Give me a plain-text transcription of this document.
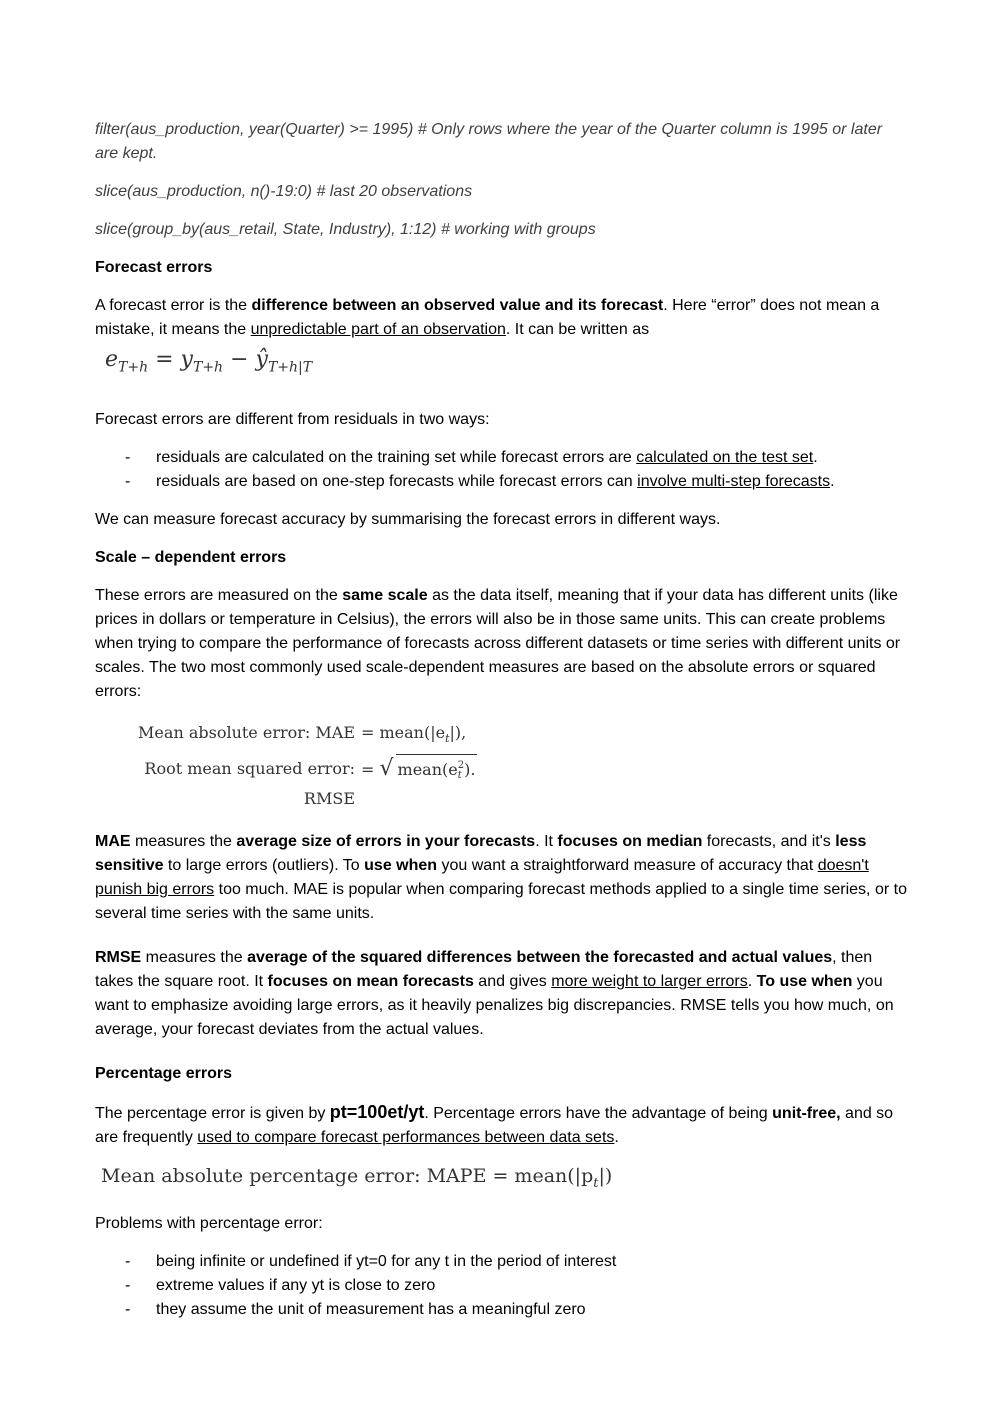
filter(aus_production, year(Quarter) >= 1995) # Only rows where the year of the Quarter column is 1995 or later are kept.

slice(aus_production, n()-19:0) # last 20 observations

slice(group_by(aus_retail, State, Industry), 1:12) # working with groups

Forecast errors

A forecast error is the difference between an observed value and its forecast. Here “error” does not mean a mistake, it means the unpredictable part of an observation. It can be written as

$e_{T+h} = y_{T+h}$ − $ŷ_{T+h|T}$

Forecast errors are different from residuals in two ways:

- residuals are calculated on the training set while forecast errors are calculated on the test set.
- residuals are based on one-step forecasts while forecast errors can involve multi-step forecasts.

We can measure forecast accuracy by summarising the forecast errors in different ways.

Scale – dependent errors

These errors are measured on the same scale as the data itself, meaning that if your data has different units (like prices in dollars or temperature in Celsius), the errors will also be in those same units. This can create problems when trying to compare the performance of forecasts across different datasets or time series with different units or scales. The two most commonly used scale-dependent measures are based on the absolute errors or squared errors:

Mean absolute error: MAE = $mean(|e_t|)$,
Root mean squared error: RMSE
= √ mean(e 2
t ).

MAE measures the average size of errors in your forecasts. It focuses on median forecasts, and it's less sensitive to large errors (outliers). To use when you want a straightforward measure of accuracy that doesn't punish big errors too much. MAE is popular when comparing forecast methods applied to a single time series, or to several time series with the same units.

RMSE measures the average of the squared differences between the forecasted and actual values, then takes the square root. It focuses on mean forecasts and gives more weight to larger errors. To use when you want to emphasize avoiding large errors, as it heavily penalizes big discrepancies. RMSE tells you how much, on average, your forecast deviates from the actual values.

Percentage errors

The percentage error is given by pt=100et/yt. Percentage errors have the advantage of being unit-free, and so are frequently used to compare forecast performances between data sets.

Mean absolute percentage error: MAPE = $mean(|p_t|)$

Problems with percentage error:

- being infinite or undefined if yt=0 for any t in the period of interest
- extreme values if any yt is close to zero
- they assume the unit of measurement has a meaningful zero
